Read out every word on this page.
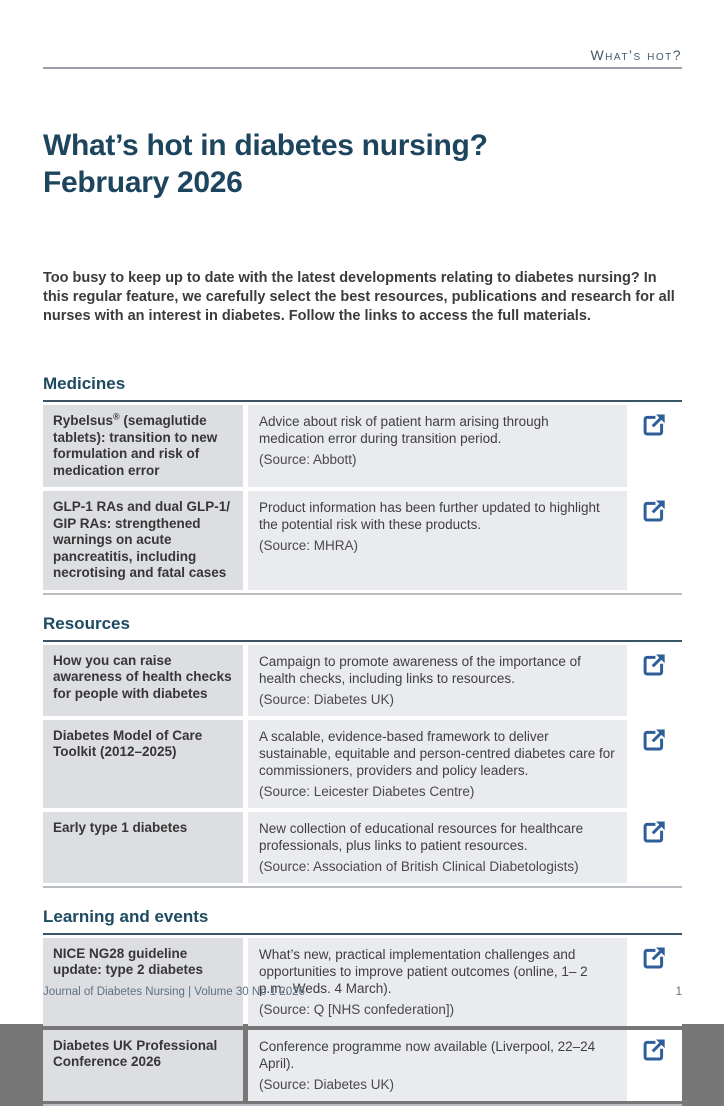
What’s hot?
What’s hot in diabetes nursing?
February 2026
Too busy to keep up to date with the latest developments relating to diabetes nursing? In this regular feature, we carefully select the best resources, publications and research for all nurses with an interest in diabetes. Follow the links to access the full materials.
Medicines
Rybelsus® (semaglutide tablets): transition to new formulation and risk of medication error

Advice about risk of patient harm arising through medication error during transition period.

(Source: Abbott)

GLP-1 RAs and dual GLP-1/ GIP RAs: strengthened warnings on acute pancreatitis, including necrotising and fatal cases

Product information has been further updated to highlight the potential risk with these products.

(Source: MHRA)

Resources
How you can raise awareness of health checks for people with diabetes

Campaign to promote awareness of the importance of health checks, including links to resources.

(Source: Diabetes UK)

Diabetes Model of Care Toolkit (2012–2025)

A scalable, evidence-based framework to deliver sustainable, equitable and person-centred diabetes care for commissioners, providers and policy leaders.

(Source: Leicester Diabetes Centre)

Early type 1 diabetes	New collection of educational resources for healthcare professionals, plus links to patient resources.

(Source: Association of British Clinical Diabetologists)

Learning and events
NICE NG28 guideline update: type 2 diabetes

What’s new, practical implementation challenges and opportunities to improve patient outcomes (online, 1– 2 p.m., Weds. 4 March).

(Source: Q [NHS confederation])

Diabetes UK Professional Conference 2026

Conference programme now available (Liverpool, 22–24 April).

(Source: Diabetes UK)

Journal of Diabetes Nursing | Volume 30 No 1 2026	1
